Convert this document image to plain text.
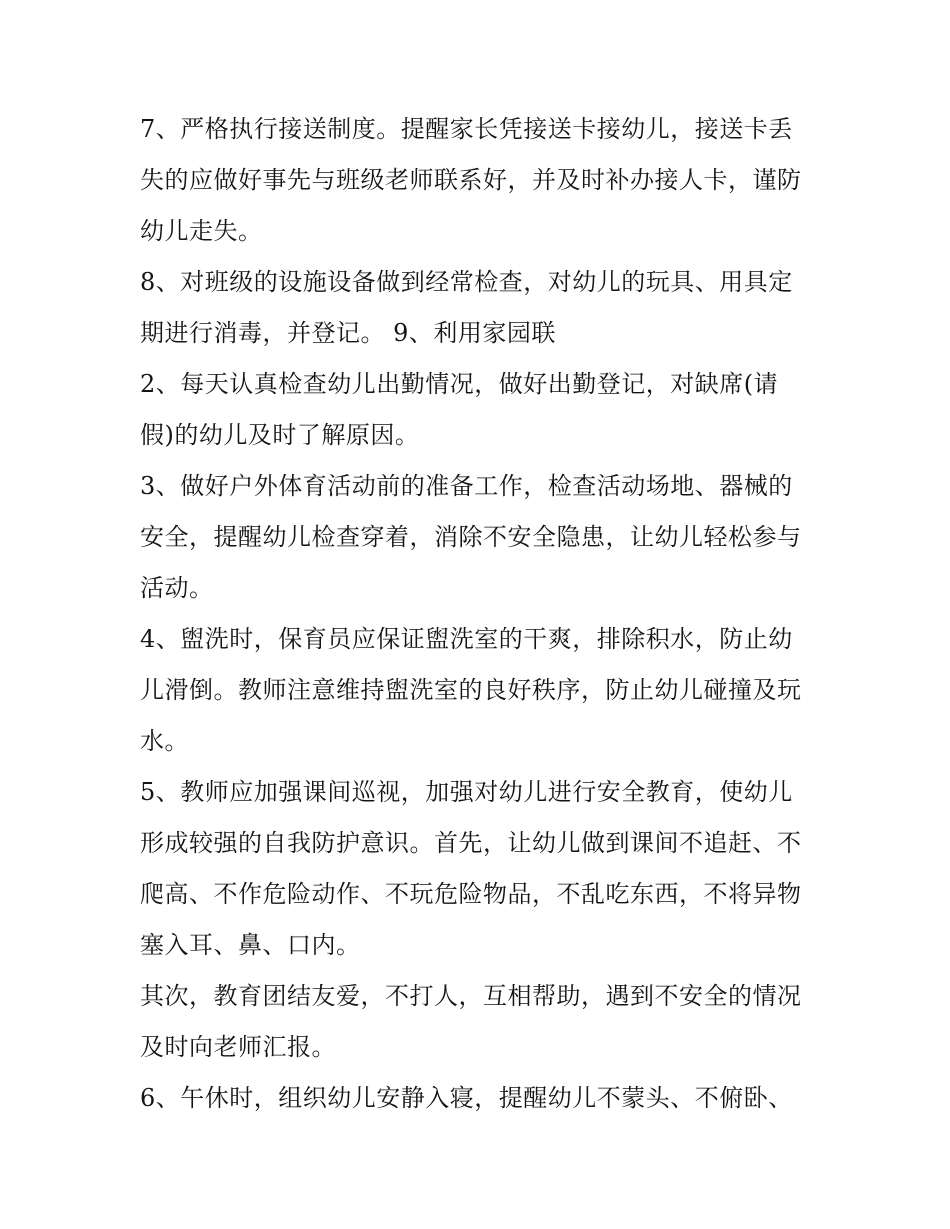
7、严格执行接送制度。提醒家长凭接送卡接幼儿，接送卡丢
失的应做好事先与班级老师联系好，并及时补办接人卡，谨防
幼儿走失。

8、对班级的设施设备做到经常检查，对幼儿的玩具、用具定
期进行消毒，并登记。 9、利用家园联

2、每天认真检查幼儿出勤情况，做好出勤登记，对缺席(请
假)的幼儿及时了解原因。

3、做好户外体育活动前的准备工作，检查活动场地、器械的
安全，提醒幼儿检查穿着，消除不安全隐患，让幼儿轻松参与
活动。

4、盥洗时，保育员应保证盥洗室的干爽，排除积水，防止幼
儿滑倒。教师注意维持盥洗室的良好秩序，防止幼儿碰撞及玩
水。

5、教师应加强课间巡视，加强对幼儿进行安全教育，使幼儿
形成较强的自我防护意识。首先，让幼儿做到课间不追赶、不
爬高、不作危险动作、不玩危险物品，不乱吃东西，不将异物
塞入耳、鼻、口内。

其次，教育团结友爱，不打人，互相帮助，遇到不安全的情况
及时向老师汇报。

6、午休时，组织幼儿安静入寝，提醒幼儿不蒙头、不俯卧、
